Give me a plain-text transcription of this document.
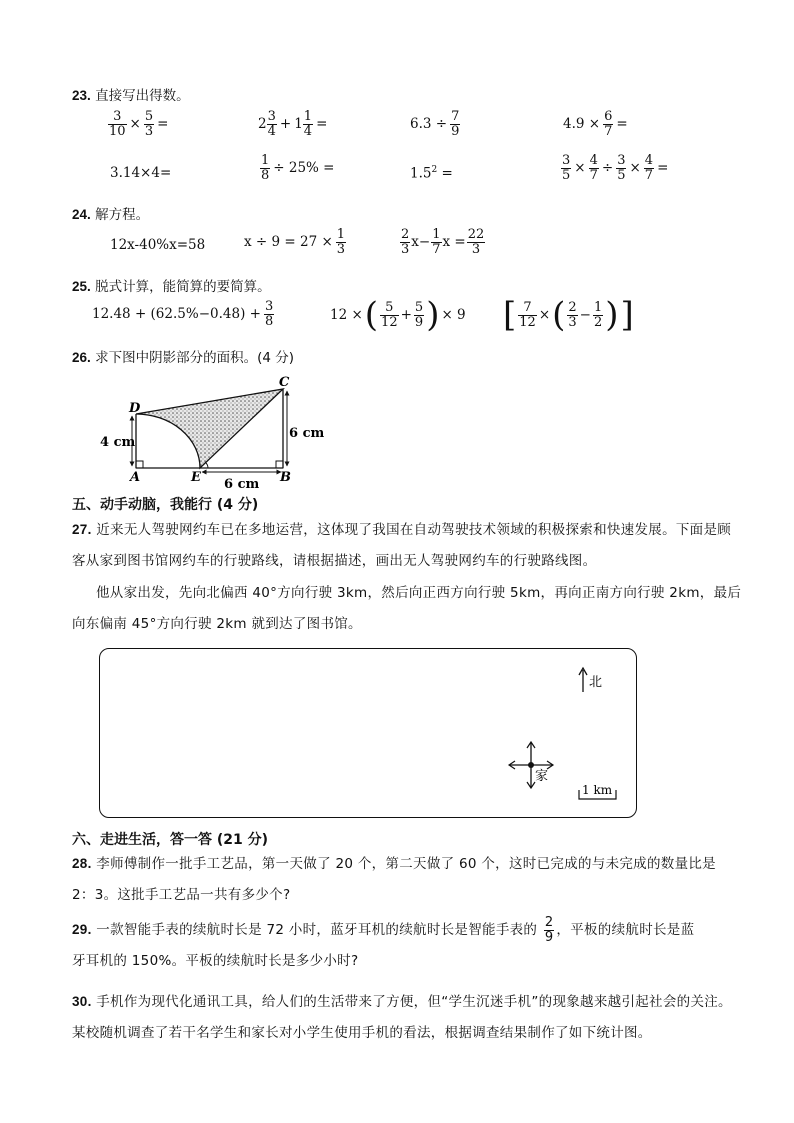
23. 直接写出得数。
$\frac{3}{10} \times \frac{5}{3}$ =	$2 \frac{3}{4} + 1 \frac{1}{4}$ =	$6.3 \div \frac{7}{9}$	$4.9 \times \frac{6}{7}$ =
3.14×4=	$\frac{1}{8} \div 25\%$ =	$1.5^2$ =	$\frac{3}{5} \times \frac{4}{7} \div \frac{3}{5} \times \frac{4}{7}$ =
24. 解方程。
12x-40%x=58	$x \div 9 = 27 \times \frac{1}{3}$	$\frac{2}{3} x- \frac{1}{7}$ $x = \frac{22}{3}$
25. 脱式计算，能简算的要简算。
$12.48 + (62.5\%-0.48) + \frac{3}{8}$	12 × ( $\frac{5}{12} + \frac{5}{9}$ ) × 9 [ $\frac{7}{12}$ × ( $\frac{2}{3} - \frac{1}{2}$ ) ]
26. 求下图中阴影部分的面积。(4 分)
D
C
A	E	B
4 cm
6 cm
6 cm
五、动手动脑，我能行 (4 分)
27. 近来无人驾驶网约车已在多地运营，这体现了我国在自动驾驶技术领域的积极探索和快速发展。下面是顾客从家到图书馆网约车的行驶路线，请根据描述，画出无人驾驶网约车的行驶路线图。
他从家出发，先向北偏西 40°方向行驶 3km，然后向正西方向行驶 5km，再向正南方向行驶 2km，最后向东偏南 45°方向行驶 2km 就到达了图书馆。
北
家
1 km
六、走进生活，答一答 (21 分)
28. 李师傅制作一批手工艺品，第一天做了 20 个，第二天做了 60 个，这时已完成的与未完成的数量比是 2：3。这批手工艺品一共有多少个?
29. 一款智能手表的续航时长是 72 小时，蓝牙耳机的续航时长是智能手表的 $\frac{2}{9}$ ，平板的续航时长是蓝
牙耳机的 150%。平板的续航时长是多少小时?
30. 手机作为现代化通讯工具，给人们的生活带来了方便，但“学生沉迷手机”的现象越来越引起社会的关注。某校随机调查了若干名学生和家长对小学生使用手机的看法，根据调查结果制作了如下统计图。
